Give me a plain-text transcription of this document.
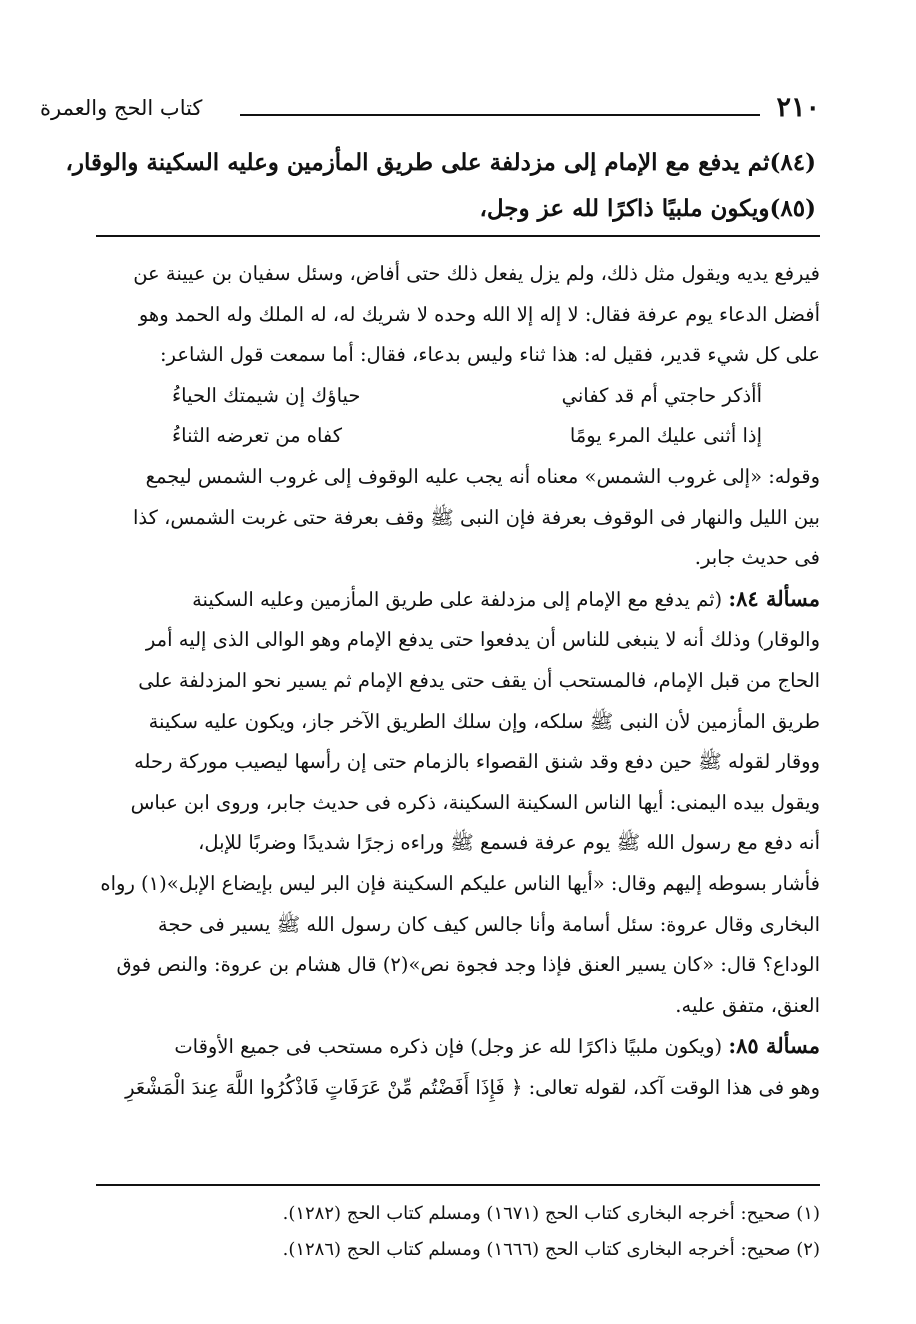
٢١٠
كتاب الحج والعمرة
(٨٤)ثم يدفع مع الإمام إلى مزدلفة على طريق المأزمين وعليه السكينة والوقار،
(٨٥)ويكون ملبيًا ذاكرًا لله عز وجل،
فيرفع يديه ويقول مثل ذلك، ولم يزل يفعل ذلك حتى أفاض، وسئل سفيان بن عيينة عن
أفضل الدعاء يوم عرفة فقال: لا إله إلا الله وحده لا شريك له، له الملك وله الحمد وهو
على كل شيء قدير، فقيل له: هذا ثناء وليس بدعاء، فقال: أما سمعت قول الشاعر:
أأذكر حاجتي أم قد كفاني
حياؤك إن شيمتك الحياءُ
إذا أثنى عليك المرء يومًا
كفاه من تعرضه الثناءُ
وقوله: «إلى غروب الشمس» معناه أنه يجب عليه الوقوف إلى غروب الشمس ليجمع
بين الليل والنهار فى الوقوف بعرفة فإن النبى ﷺ وقف بعرفة حتى غربت الشمس، كذا
فى حديث جابر.
مسألة ٨٤: (ثم يدفع مع الإمام إلى مزدلفة على طريق المأزمين وعليه السكينة
والوقار) وذلك أنه لا ينبغى للناس أن يدفعوا حتى يدفع الإمام وهو الوالى الذى إليه أمر
الحاج من قبل الإمام، فالمستحب أن يقف حتى يدفع الإمام ثم يسير نحو المزدلفة على
طريق المأزمين لأن النبى ﷺ سلكه، وإن سلك الطريق الآخر جاز، ويكون عليه سكينة
ووقار لقوله ﷺ حين دفع وقد شنق القصواء بالزمام حتى إن رأسها ليصيب موركة رحله
ويقول بيده اليمنى: أيها الناس السكينة السكينة، ذكره فى حديث جابر، وروى ابن عباس
أنه دفع مع رسول الله ﷺ يوم عرفة فسمع ﷺ وراءه زجرًا شديدًا وضربًا للإبل،
فأشار بسوطه إليهم وقال: «أيها الناس عليكم السكينة فإن البر ليس بإيضاع الإبل»(١) رواه
البخارى وقال عروة: سئل أسامة وأنا جالس كيف كان رسول الله ﷺ يسير فى حجة
الوداع؟ قال: «كان يسير العنق فإذا وجد فجوة نص»(٢) قال هشام بن عروة: والنص فوق
العنق، متفق عليه.
مسألة ٨٥: (ويكون ملبيًا ذاكرًا لله عز وجل) فإن ذكره مستحب فى جميع الأوقات
وهو فى هذا الوقت آكد، لقوله تعالى: ﴿ فَإِذَا أَفَضْتُم مِّنْ عَرَفَاتٍ فَاذْكُرُوا اللَّهَ عِندَ الْمَشْعَرِ
(١) صحيح: أخرجه البخارى كتاب الحج (١٦٧١) ومسلم كتاب الحج (١٢٨٢).
(٢) صحيح: أخرجه البخارى كتاب الحج (١٦٦٦) ومسلم كتاب الحج (١٢٨٦).
